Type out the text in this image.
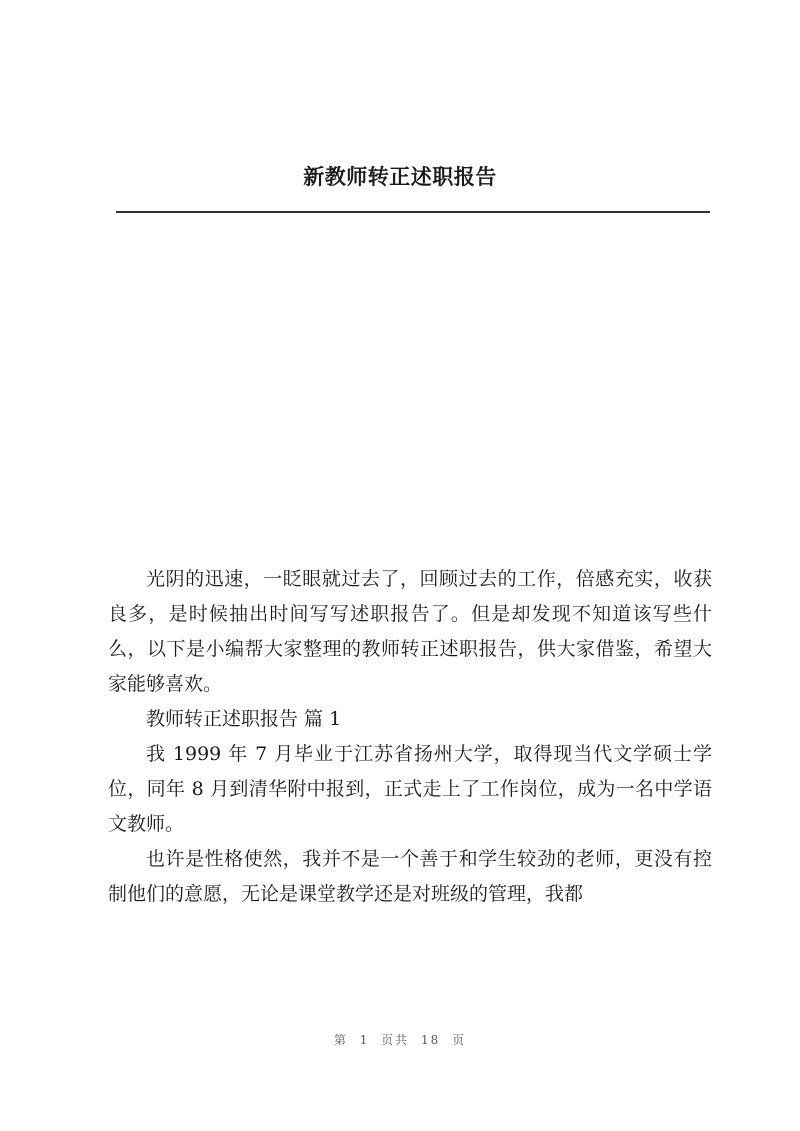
新教师转正述职报告

光阴的迅速，一眨眼就过去了，回顾过去的工作，倍感充实，收获良多，是时候抽出时间写写述职报告了。但是却发现不知道该写些什么，以下是小编帮大家整理的教师转正述职报告，供大家借鉴，希望大家能够喜欢。

教师转正述职报告 篇 1

我 1999 年 7 月毕业于江苏省扬州大学，取得现当代文学硕士学位，同年 8 月到清华附中报到，正式走上了工作岗位，成为一名中学语文教师。

也许是性格使然，我并不是一个善于和学生较劲的老师，更没有控制他们的意愿，无论是课堂教学还是对班级的管理，我都

第 1 页共 18 页
